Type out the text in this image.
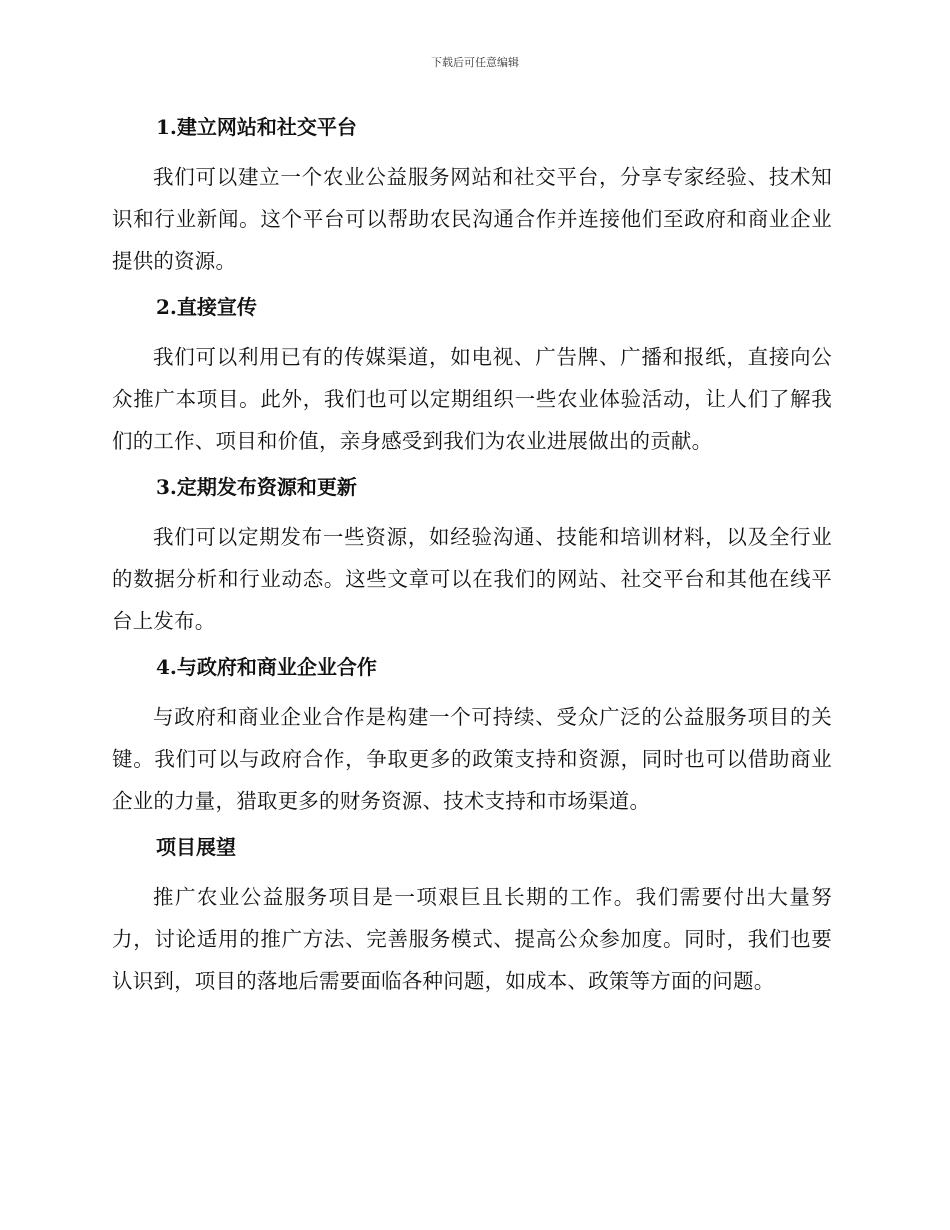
下载后可任意编辑
1.建立网站和社交平台

我们可以建立一个农业公益服务网站和社交平台，分享专家经验、技术知识和行业新闻。这个平台可以帮助农民沟通合作并连接他们至政府和商业企业提供的资源。

2.直接宣传

我们可以利用已有的传媒渠道，如电视、广告牌、广播和报纸，直接向公众推广本项目。此外，我们也可以定期组织一些农业体验活动，让人们了解我们的工作、项目和价值，亲身感受到我们为农业进展做出的贡献。

3.定期发布资源和更新

我们可以定期发布一些资源，如经验沟通、技能和培训材料，以及全行业的数据分析和行业动态。这些文章可以在我们的网站、社交平台和其他在线平台上发布。

4.与政府和商业企业合作

与政府和商业企业合作是构建一个可持续、受众广泛的公益服务项目的关键。我们可以与政府合作，争取更多的政策支持和资源，同时也可以借助商业企业的力量，猎取更多的财务资源、技术支持和市场渠道。

项目展望

推广农业公益服务项目是一项艰巨且长期的工作。我们需要付出大量努力，讨论适用的推广方法、完善服务模式、提高公众参加度。同时，我们也要认识到，项目的落地后需要面临各种问题，如成本、政策等方面的问题。
